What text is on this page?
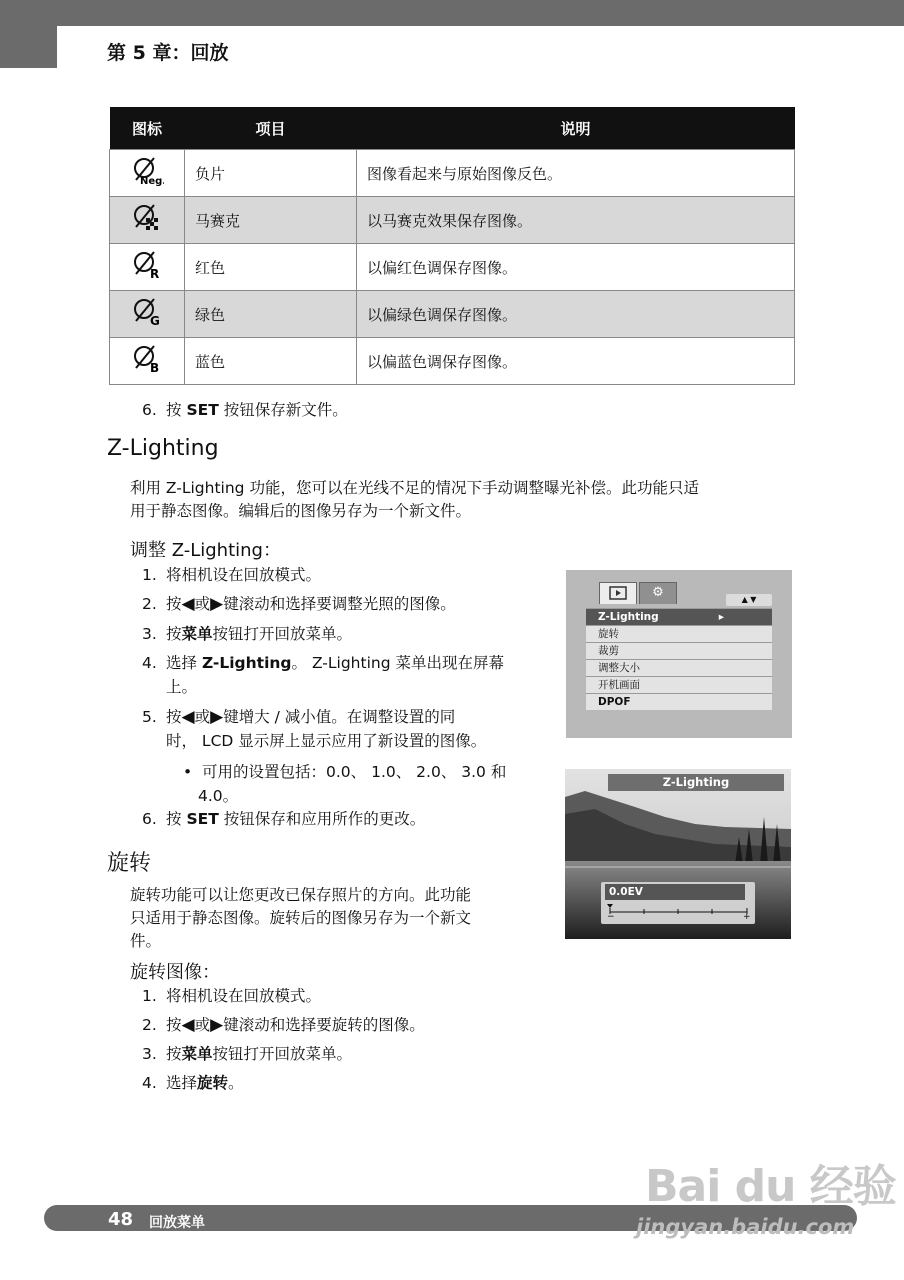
第 5 章：回放
图标	项目	说明

Neg.	负片	图像看起来与原始图像反色。
	马赛克	以马赛克效果保存图像。

R	红色	以偏红色调保存图像。

G	绿色	以偏绿色调保存图像。

B	蓝色	以偏蓝色调保存图像。
6. 按 SET 按钮保存新文件。
Z-Lighting
利用 Z-Lighting 功能，您可以在光线不足的情况下手动调整曝光补偿。此功能只适
用于静态图像。编辑后的图像另存为一个新文件。
调整 Z-Lighting：
1. 将相机设在回放模式。
2. 按◀或▶键滚动和选择要调整光照的图像。
3. 按菜单按钮打开回放菜单。
4. 选择 Z-Lighting。 Z-Lighting 菜单出现在屏幕
上。
5. 按◀或▶键增大 / 减小值。在调整设置的同
时， LCD 显示屏上显示应用了新设置的图像。
• 可用的设置包括：0.0、 1.0、 2.0、 3.0 和
4.0。
6. 按 SET 按钮保存和应用所作的更改。
旋转
旋转功能可以让您更改已保存照片的方向。此功能
只适用于静态图像。旋转后的图像另存为一个新文
件。
旋转图像：
1. 将相机设在回放模式。
2. 按◀或▶键滚动和选择要旋转的图像。
3. 按菜单按钮打开回放菜单。
4. 选择旋转。
⚙	▲ ▼
Z-Lighting	▸
旋转
裁剪
调整大小
开机画面
DPOF
Z-Lighting
0.0EV
−	+
48 回放菜单
Bai du 经验
jingyan.baidu.com
